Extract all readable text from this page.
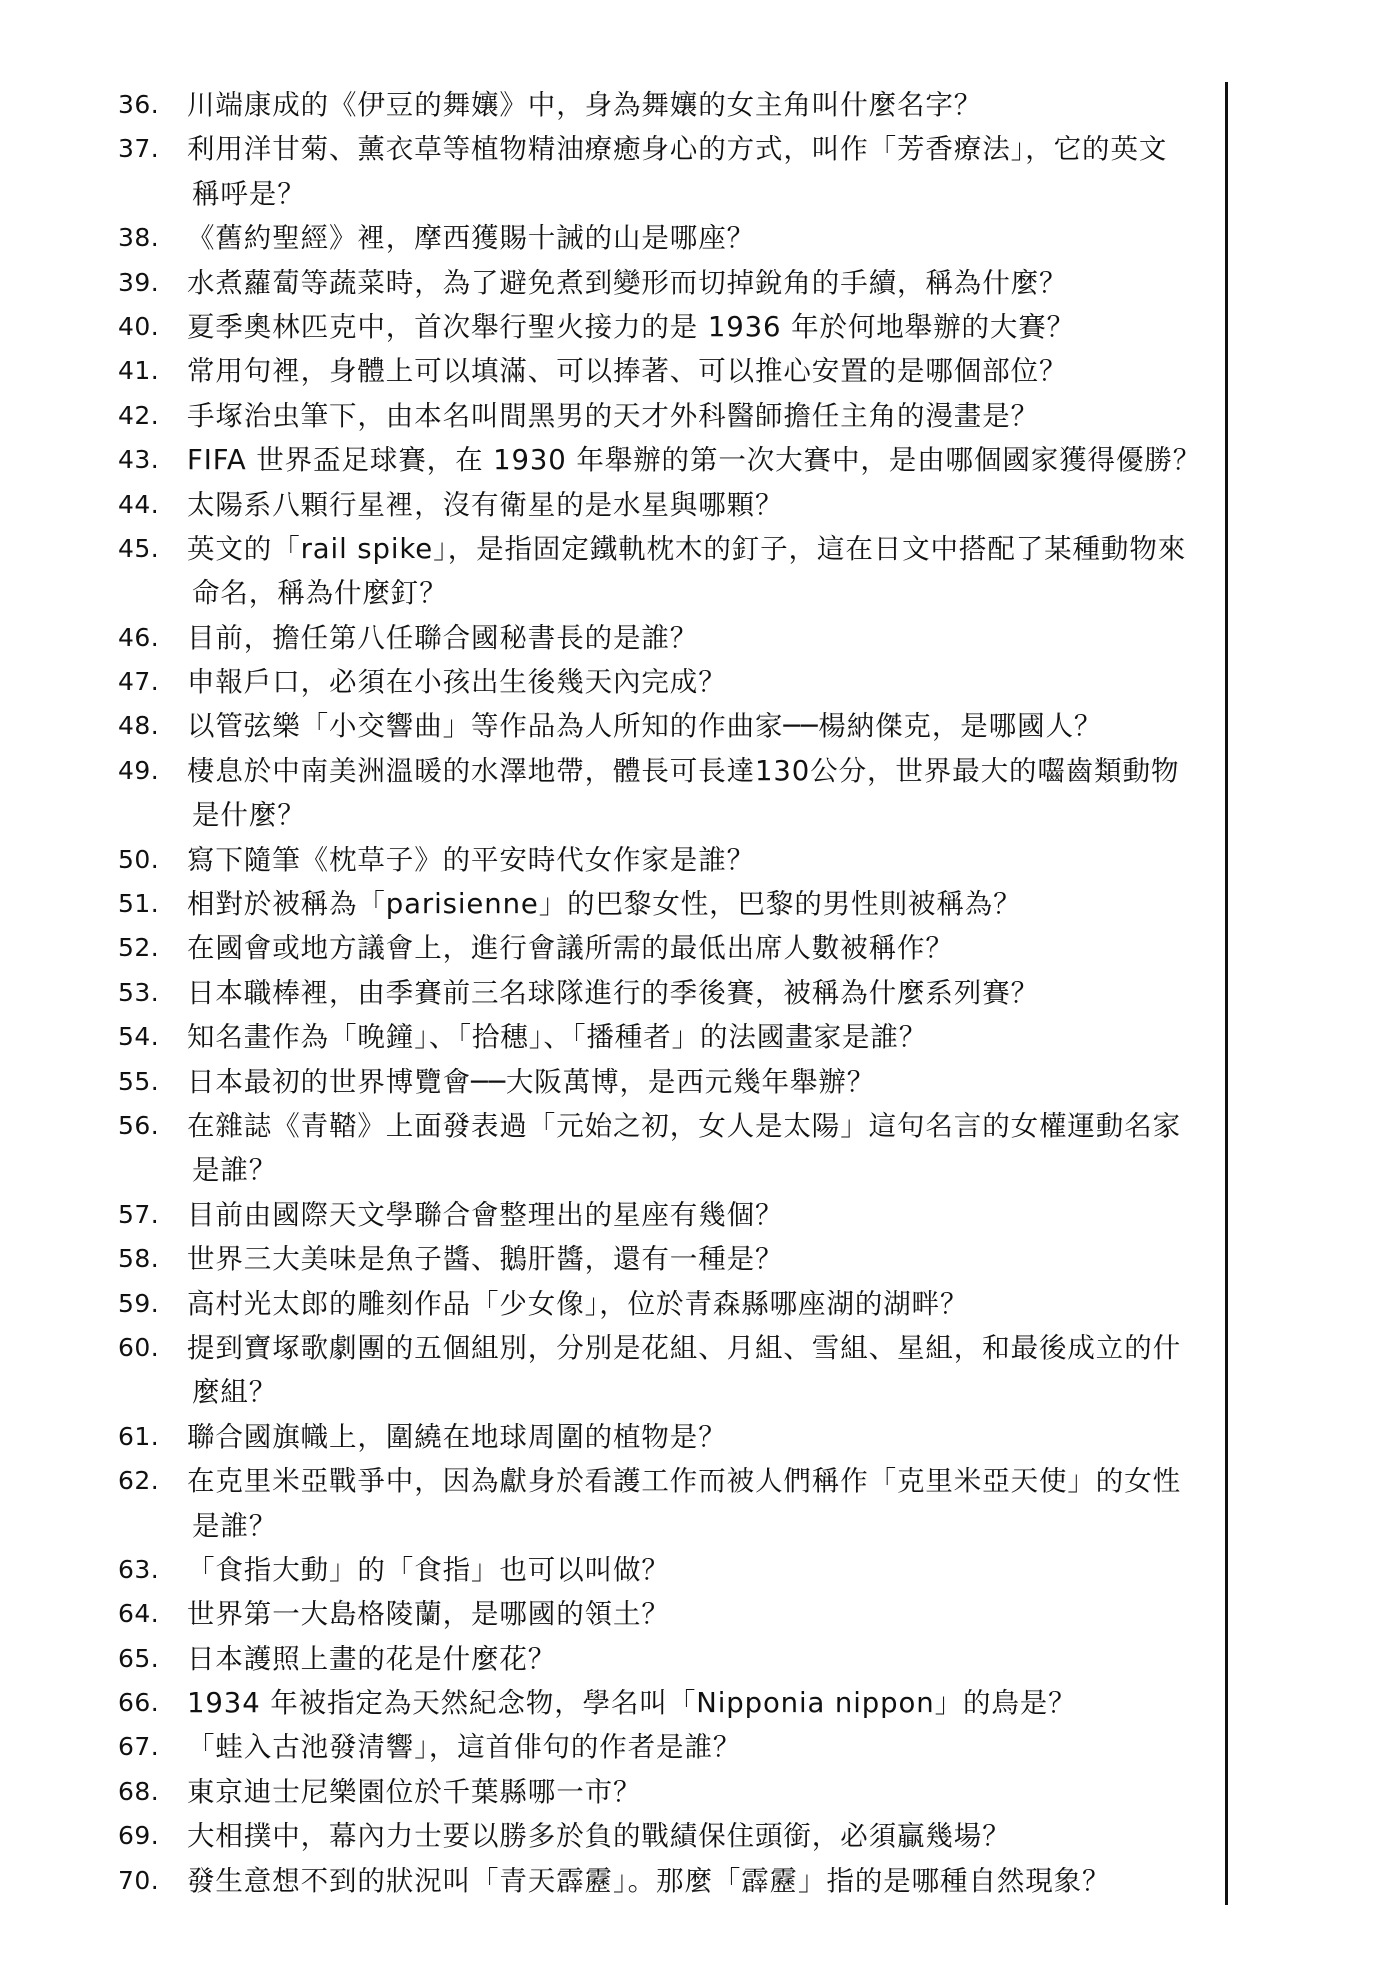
36.	川端康成的《伊豆的舞孃》中，身為舞孃的女主角叫什麼名字？
37.	利用洋甘菊、薰衣草等植物精油療癒身心的方式，叫作「芳香療法」，它的英文
稱呼是？
38.	《舊約聖經》裡，摩西獲賜十誡的山是哪座？
39.	水煮蘿蔔等蔬菜時，為了避免煮到變形而切掉銳角的手續，稱為什麼？
40.	夏季奧林匹克中，首次舉行聖火接力的是 1936 年於何地舉辦的大賽？
41.	常用句裡，身體上可以填滿、可以捧著、可以推心安置的是哪個部位？
42.	手塚治虫筆下，由本名叫間黑男的天才外科醫師擔任主角的漫畫是？
43.	FIFA 世界盃足球賽，在 1930 年舉辦的第一次大賽中，是由哪個國家獲得優勝？
44.	太陽系八顆行星裡，沒有衛星的是水星與哪顆？
45.	英文的「rail spike」，是指固定鐵軌枕木的釘子，這在日文中搭配了某種動物來
命名，稱為什麼釘？
46.	目前，擔任第八任聯合國秘書長的是誰？
47.	申報戶口，必須在小孩出生後幾天內完成？
48.	以管弦樂「小交響曲」等作品為人所知的作曲家──楊納傑克，是哪國人？
49.	棲息於中南美洲溫暖的水澤地帶，體長可長達130公分，世界最大的囓齒類動物
是什麼？
50.	寫下隨筆《枕草子》的平安時代女作家是誰？
51.	相對於被稱為「parisienne」的巴黎女性，巴黎的男性則被稱為？
52.	在國會或地方議會上，進行會議所需的最低出席人數被稱作？
53.	日本職棒裡，由季賽前三名球隊進行的季後賽，被稱為什麼系列賽？
54.	知名畫作為「晚鐘」、「拾穗」、「播種者」的法國畫家是誰？
55.	日本最初的世界博覽會──大阪萬博，是西元幾年舉辦？
56.	在雜誌《青鞜》上面發表過「元始之初，女人是太陽」這句名言的女權運動名家
是誰？
57.	目前由國際天文學聯合會整理出的星座有幾個？
58.	世界三大美味是魚子醬、鵝肝醬，還有一種是？
59.	高村光太郎的雕刻作品「少女像」，位於青森縣哪座湖的湖畔？
60.	提到寶塚歌劇團的五個組別，分別是花組、月組、雪組、星組，和最後成立的什
麼組？
61.	聯合國旗幟上，圍繞在地球周圍的植物是？
62.	在克里米亞戰爭中，因為獻身於看護工作而被人們稱作「克里米亞天使」的女性
是誰？
63.	「食指大動」的「食指」也可以叫做？
64.	世界第一大島格陵蘭，是哪國的領土？
65.	日本護照上畫的花是什麼花？
66.	1934 年被指定為天然紀念物，學名叫「Nipponia nippon」的鳥是？
67.	「蛙入古池發清響」，這首俳句的作者是誰？
68.	東京迪士尼樂園位於千葉縣哪一市？
69.	大相撲中，幕內力士要以勝多於負的戰績保住頭銜，必須贏幾場？
70.	發生意想不到的狀況叫「青天霹靂」。那麼「霹靂」指的是哪種自然現象？
